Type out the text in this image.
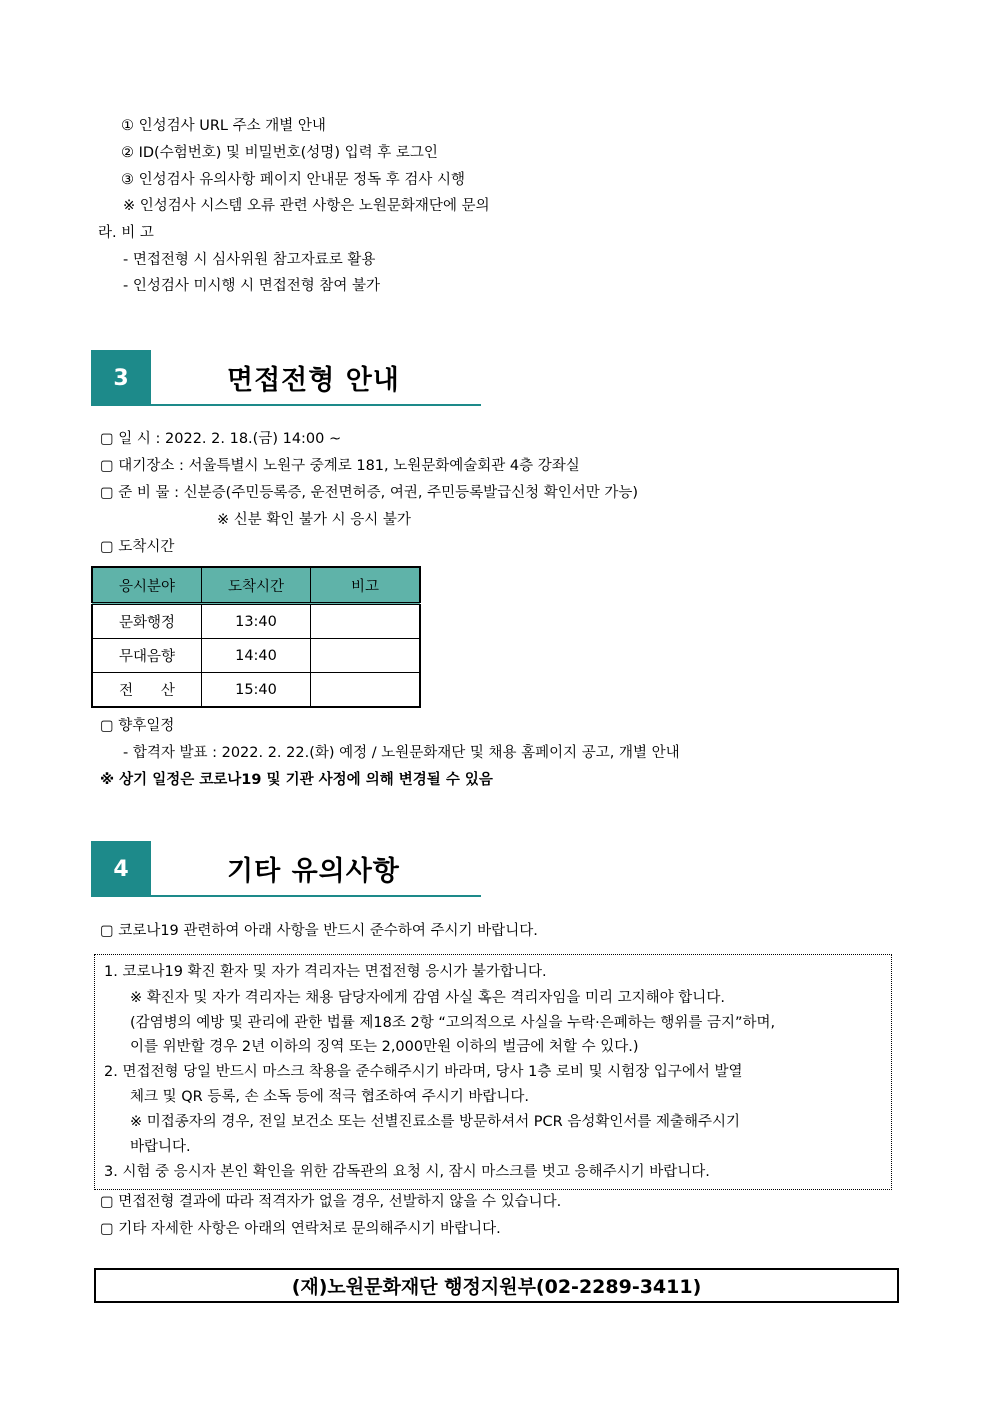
① 인성검사 URL 주소 개별 안내
② ID(수험번호) 및 비밀번호(성명) 입력 후 로그인
③ 인성검사 유의사항 페이지 안내문 정독 후 검사 시행
※ 인성검사 시스템 오류 관련 사항은 노원문화재단에 문의
라. 비 고
- 면접전형 시 심사위원 참고자료로 활용
- 인성검사 미시행 시 면접전형 참여 불가
3	면접전형 안내
▢ 일 시 : 2022. 2. 18.(금) 14:00 ~
▢ 대기장소 : 서울특별시 노원구 중계로 181, 노원문화예술회관 4층 강좌실
▢ 준 비 물 : 신분증(주민등록증, 운전면허증, 여권, 주민등록발급신청 확인서만 가능)
※ 신분 확인 불가 시 응시 불가
▢ 도착시간
응시분야	도착시간	비고
문화행정	13:40	
무대음향	14:40	
전      산	15:40	
▢ 향후일정
- 합격자 발표 : 2022. 2. 22.(화) 예정 / 노원문화재단 및 채용 홈페이지 공고, 개별 안내
※ 상기 일정은 코로나19 및 기관 사정에 의해 변경될 수 있음
4	기타 유의사항
▢ 코로나19 관련하여 아래 사항을 반드시 준수하여 주시기 바랍니다.
1. 코로나19 확진 환자 및 자가 격리자는 면접전형 응시가 불가합니다.
※ 확진자 및 자가 격리자는 채용 담당자에게 감염 사실 혹은 격리자임을 미리 고지해야 합니다.
(감염병의 예방 및 관리에 관한 법률 제18조 2항 “고의적으로 사실을 누락·은폐하는 행위를 금지”하며,
이를 위반할 경우 2년 이하의 징역 또는 2,000만원 이하의 벌금에 처할 수 있다.)
2. 면접전형 당일 반드시 마스크 착용을 준수해주시기 바라며, 당사 1층 로비 및 시험장 입구에서 발열
체크 및 QR 등록, 손 소독 등에 적극 협조하여 주시기 바랍니다.
※ 미접종자의 경우, 전일 보건소 또는 선별진료소를 방문하셔서 PCR 음성확인서를 제출해주시기
바랍니다.
3. 시험 중 응시자 본인 확인을 위한 감독관의 요청 시, 잠시 마스크를 벗고 응해주시기 바랍니다.
▢ 면접전형 결과에 따라 적격자가 없을 경우, 선발하지 않을 수 있습니다.
▢ 기타 자세한 사항은 아래의 연락처로 문의해주시기 바랍니다.
(재)노원문화재단 행정지원부(02-2289-3411)
